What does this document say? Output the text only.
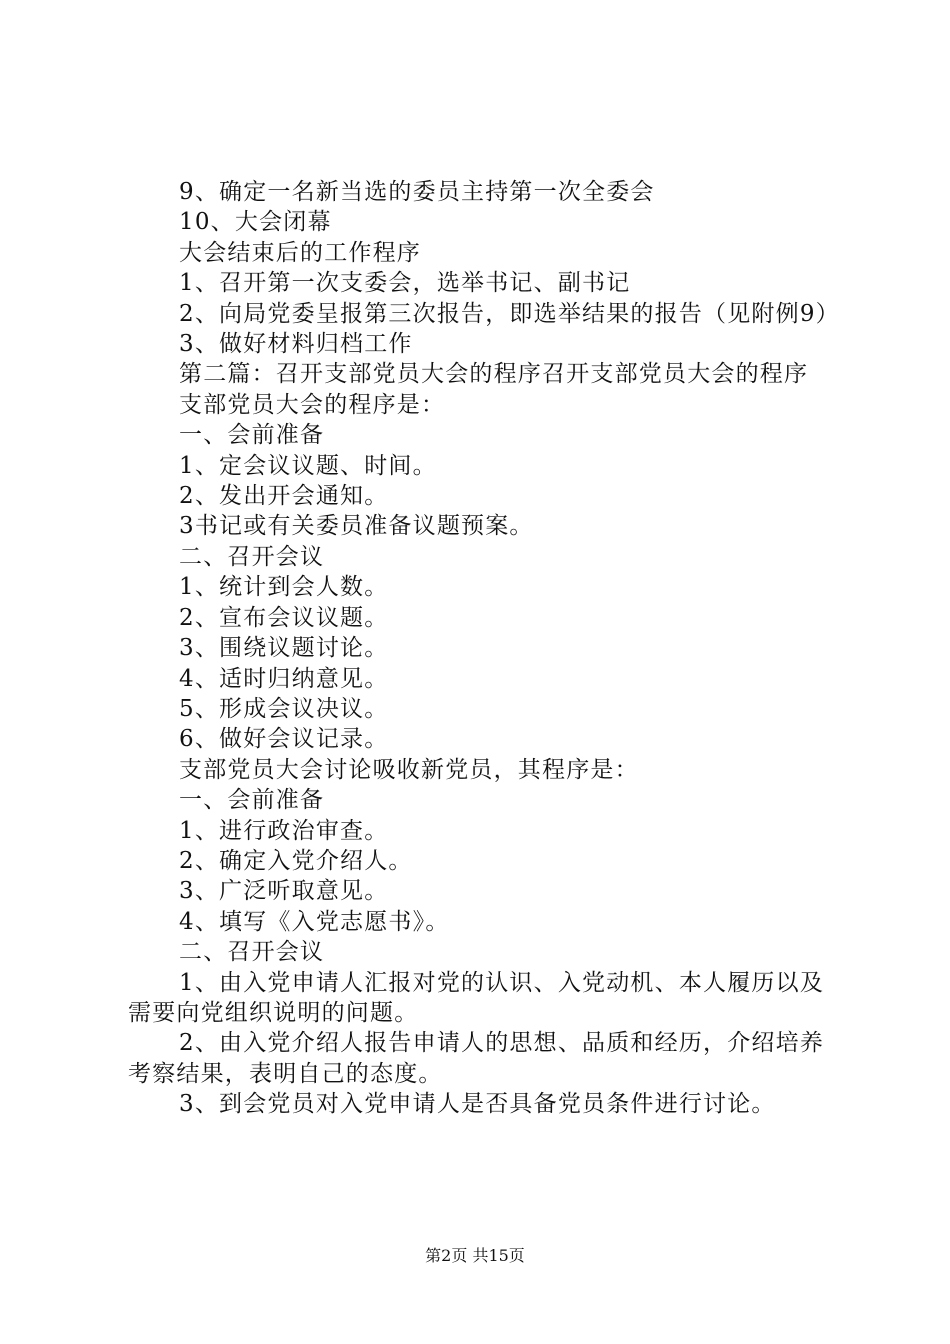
9、确定一名新当选的委员主持第一次全委会

10、大会闭幕

大会结束后的工作程序

1、召开第一次支委会，选举书记、副书记

2、向局党委呈报第三次报告，即选举结果的报告（见附例9）

3、做好材料归档工作

第二篇：召开支部党员大会的程序召开支部党员大会的程序

支部党员大会的程序是：

一、会前准备

1、定会议议题、时间。

2、发出开会通知。

3书记或有关委员准备议题预案。

二、召开会议

1、统计到会人数。

2、宣布会议议题。

3、围绕议题讨论。

4、适时归纳意见。

5、形成会议决议。

6、做好会议记录。

支部党员大会讨论吸收新党员，其程序是：

一、会前准备

1、进行政治审查。

2、确定入党介绍人。

3、广泛听取意见。

4、填写《入党志愿书》。

二、召开会议

1、由入党申请人汇报对党的认识、入党动机、本人履历以及需要向党组织说明的问题。

2、由入党介绍人报告申请人的思想、品质和经历，介绍培养考察结果，表明自己的态度。

3、到会党员对入党申请人是否具备党员条件进行讨论。

第2页 共15页
